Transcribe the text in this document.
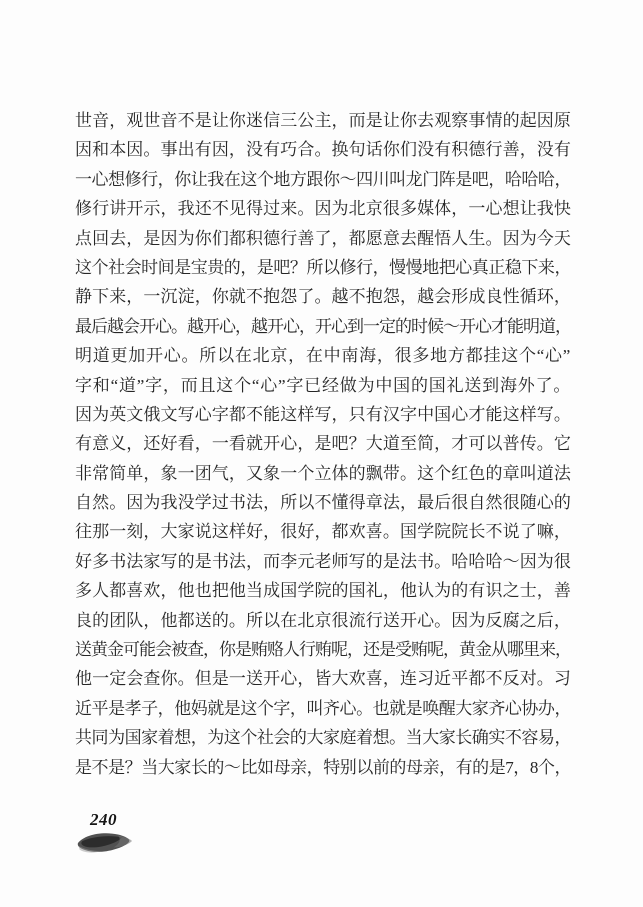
世音，观世音不是让你迷信三公主，而是让你去观察事情的起因原
因和本因。事出有因，没有巧合。换句话你们没有积德行善，没有
一心想修行，你让我在这个地方跟你～四川叫龙门阵是吧，哈哈哈，
修行讲开示，我还不见得过来。因为北京很多媒体，一心想让我快
点回去，是因为你们都积德行善了，都愿意去醒悟人生。因为今天
这个社会时间是宝贵的，是吧？所以修行，慢慢地把心真正稳下来，
静下来，一沉淀，你就不抱怨了。越不抱怨，越会形成良性循环，
最后越会开心。越开心，越开心，开心到一定的时候～开心才能明道，
明道更加开心。所以在北京，在中南海，很多地方都挂这个“心”
字和“道”字，而且这个“心”字已经做为中国的国礼送到海外了。
因为英文俄文写心字都不能这样写，只有汉字中国心才能这样写。
有意义，还好看，一看就开心，是吧？大道至简，才可以普传。它
非常简单，象一团气，又象一个立体的飘带。这个红色的章叫道法
自然。因为我没学过书法，所以不懂得章法，最后很自然很随心的
往那一刻，大家说这样好，很好，都欢喜。国学院院长不说了嘛，
好多书法家写的是书法，而李元老师写的是法书。哈哈哈～因为很
多人都喜欢，他也把他当成国学院的国礼，他认为的有识之士，善
良的团队，他都送的。所以在北京很流行送开心。因为反腐之后，
送黄金可能会被查，你是贿赂人行贿呢，还是受贿呢，黄金从哪里来，
他一定会查你。但是一送开心，皆大欢喜，连习近平都不反对。习
近平是孝子，他妈就是这个字，叫齐心。也就是唤醒大家齐心协办，
共同为国家着想，为这个社会的大家庭着想。当大家长确实不容易，
是不是？当大家长的～比如母亲，特别以前的母亲，有的是7，8个，
240
